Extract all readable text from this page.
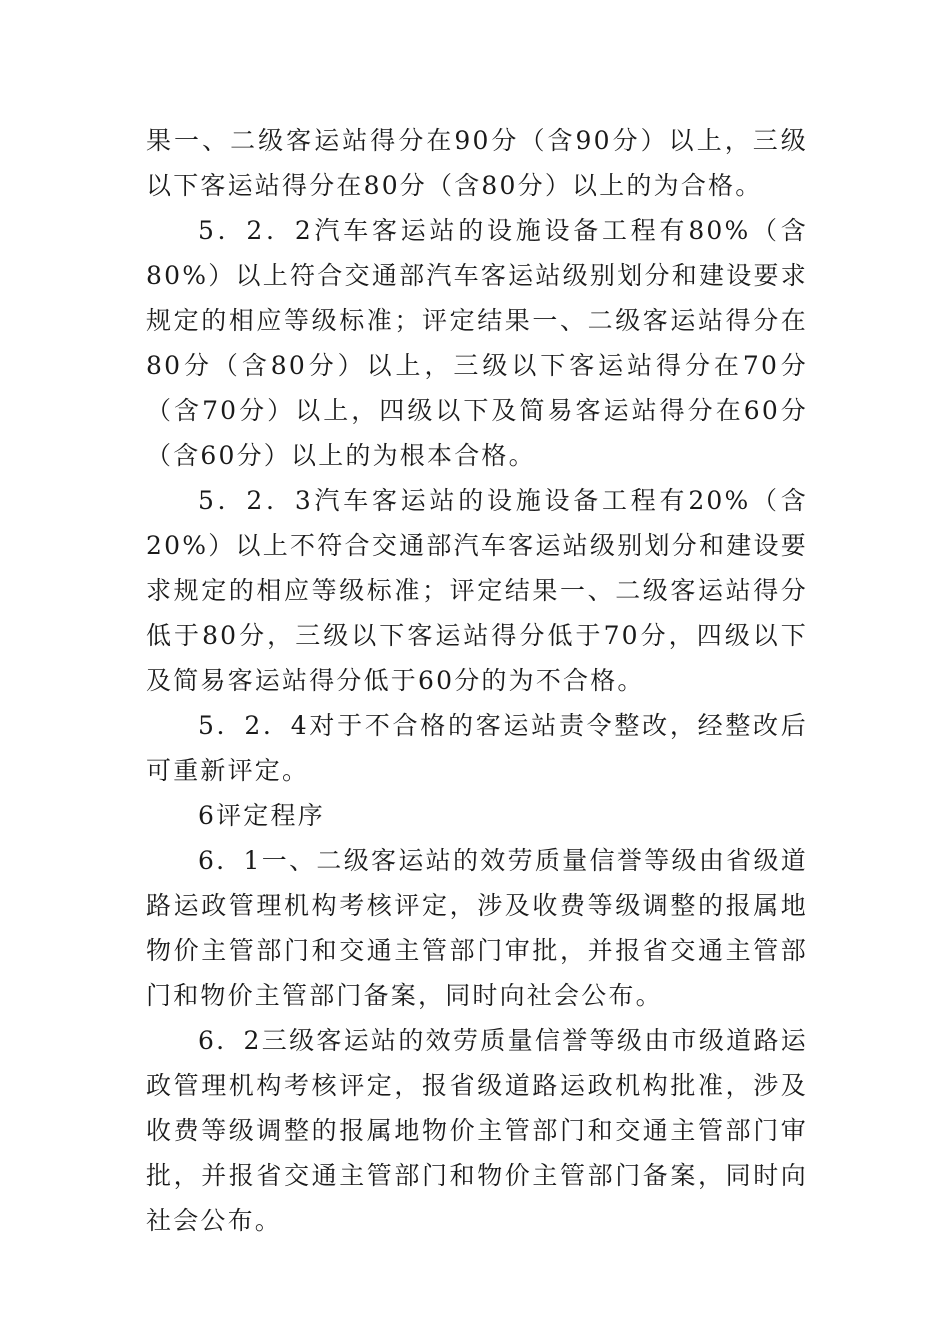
果一、二级客运站得分在90分（含90分）以上，三级以下客运站得分在80分（含80分）以上的为合格。

5．2．2汽车客运站的设施设备工程有80%（含80%）以上符合交通部汽车客运站级别划分和建设要求规定的相应等级标准；评定结果一、二级客运站得分在80分（含80分）以上，三级以下客运站得分在70分（含70分）以上，四级以下及简易客运站得分在60分（含60分）以上的为根本合格。

5．2．3汽车客运站的设施设备工程有20%（含20%）以上不符合交通部汽车客运站级别划分和建设要求规定的相应等级标准；评定结果一、二级客运站得分低于80分，三级以下客运站得分低于70分，四级以下及简易客运站得分低于60分的为不合格。

5．2．4对于不合格的客运站责令整改，经整改后可重新评定。

6评定程序

6．1一、二级客运站的效劳质量信誉等级由省级道路运政管理机构考核评定，涉及收费等级调整的报属地物价主管部门和交通主管部门审批，并报省交通主管部门和物价主管部门备案，同时向社会公布。

6．2三级客运站的效劳质量信誉等级由市级道路运政管理机构考核评定，报省级道路运政机构批准，涉及收费等级调整的报属地物价主管部门和交通主管部门审批，并报省交通主管部门和物价主管部门备案，同时向社会公布。
